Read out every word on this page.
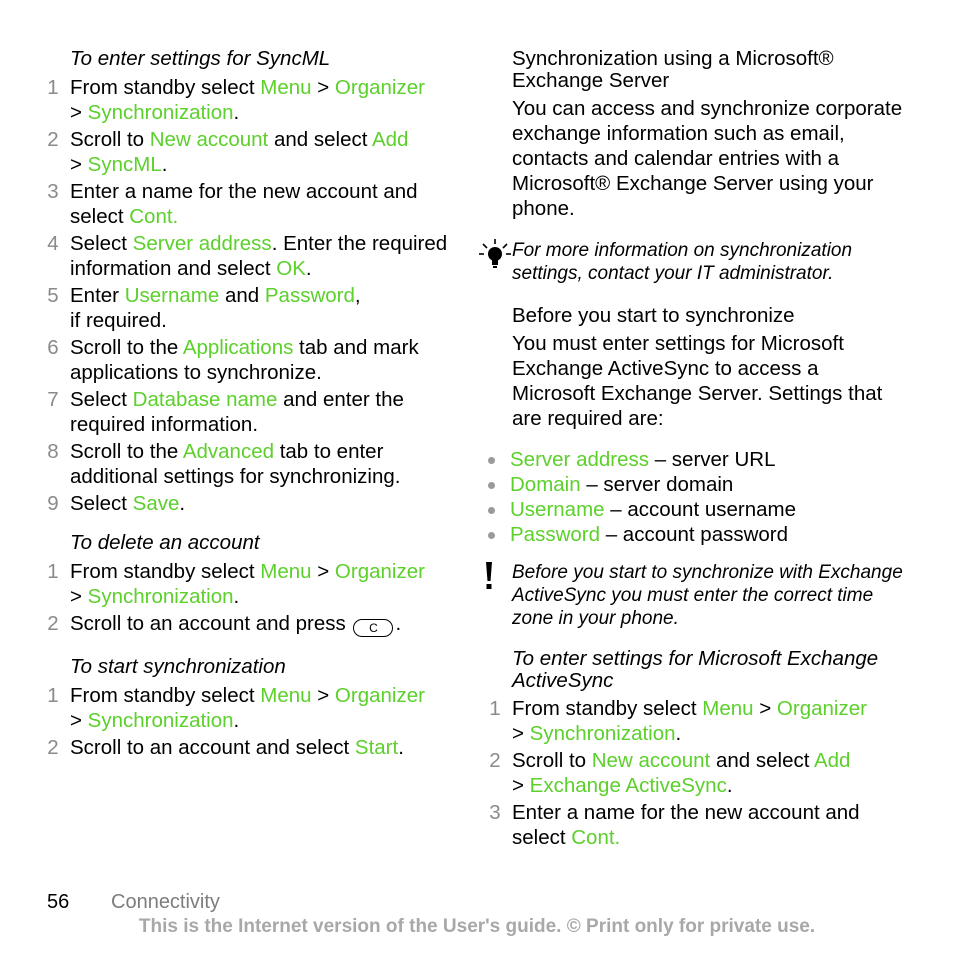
To enter settings for SyncML
1 From standby select Menu > Organizer
> Synchronization.
2 Scroll to New account and select Add
> SyncML.
3 Enter a name for the new account and select Cont.
4 Select Server address. Enter the required information and select OK.
5 Enter Username and Password,
if required.
6 Scroll to the Applications tab and mark applications to synchronize.
7 Select Database name and enter the required information.
8 Scroll to the Advanced tab to enter additional settings for synchronizing.
9 Select Save.
To delete an account
1 From standby select Menu > Organizer
> Synchronization.
2 Scroll to an account and press C .
To start synchronization
1 From standby select Menu > Organizer
> Synchronization.
2 Scroll to an account and select Start.
Synchronization using a Microsoft® Exchange Server

You can access and synchronize corporate exchange information such as email, contacts and calendar entries with a Microsoft® Exchange Server using your phone.

For more information on synchronization settings, contact your IT administrator.
Before you start to synchronize

You must enter settings for Microsoft Exchange ActiveSync to access a Microsoft Exchange Server. Settings that are required are:

Server address – server URL
Domain – server domain
Username – account username
Password – account password
Before you start to synchronize with Exchange ActiveSync you must enter the correct time zone in your phone.
To enter settings for Microsoft Exchange ActiveSync
1 From standby select Menu > Organizer
> Synchronization.
2 Scroll to New account and select Add
> Exchange ActiveSync.
3 Enter a name for the new account and select Cont.
56 Connectivity
This is the Internet version of the User's guide. © Print only for private use.
